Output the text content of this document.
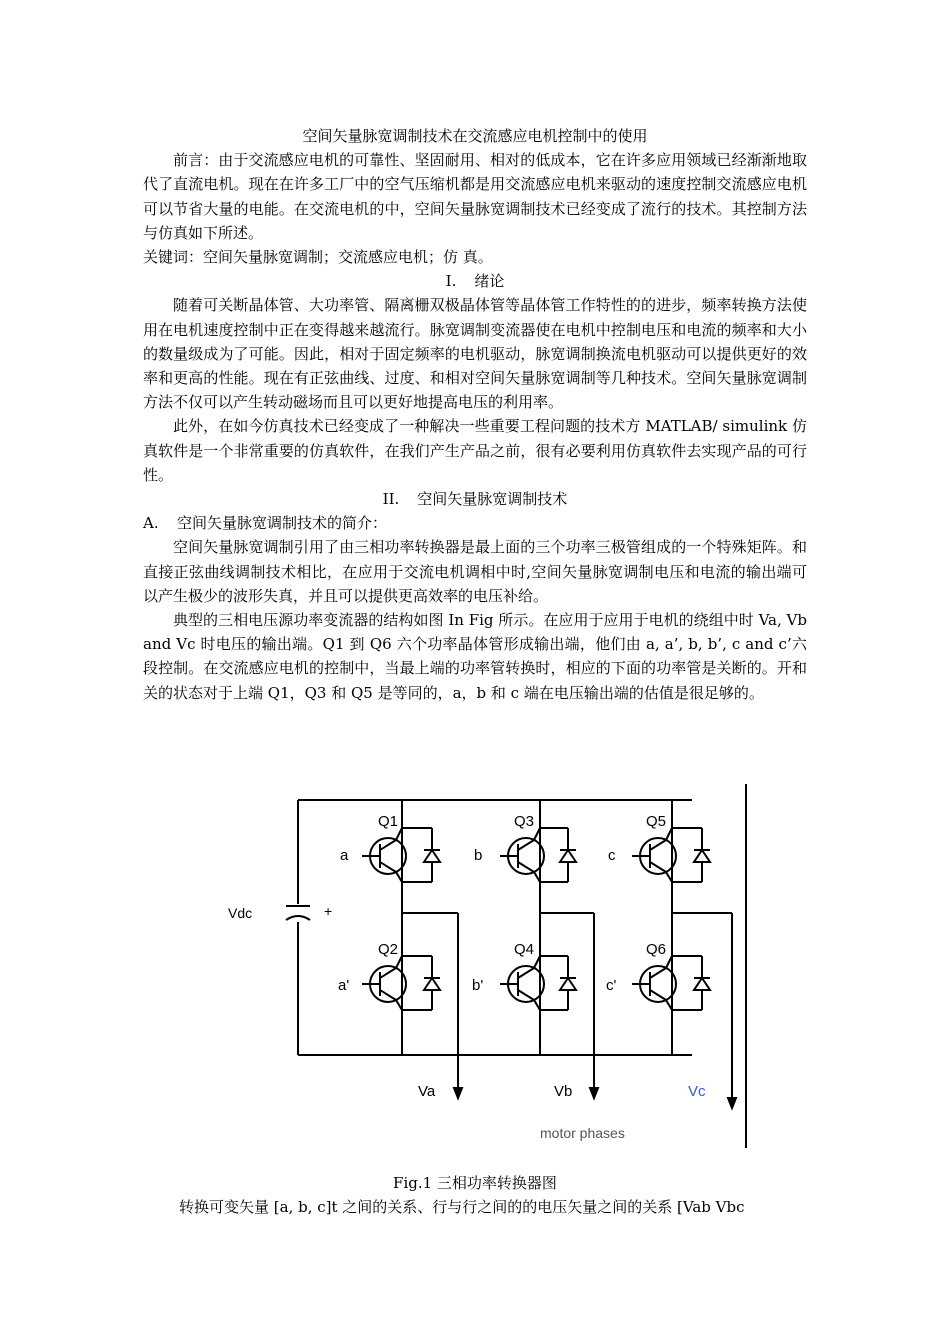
空间矢量脉宽调制技术在交流感应电机控制中的使用

前言：由于交流感应电机的可靠性、坚固耐用、相对的低成本，它在许多应用领域已经渐渐地取代了直流电机。现在在许多工厂中的空气压缩机都是用交流感应电机来驱动的速度控制交流感应电机可以节省大量的电能。在交流电机的中，空间矢量脉宽调制技术已经变成了流行的技术。其控制方法与仿真如下所述。

关键词：空间矢量脉宽调制；交流感应电机；仿 真。

I. 绪论

随着可关断晶体管、大功率管、隔离栅双极晶体管等晶体管工作特性的的进步，频率转换方法使用在电机速度控制中正在变得越来越流行。脉宽调制变流器使在电机中控制电压和电流的频率和大小的数量级成为了可能。因此，相对于固定频率的电机驱动，脉宽调制换流电机驱动可以提供更好的效率和更高的性能。现在有正弦曲线、过度、和相对空间矢量脉宽调制等几种技术。空间矢量脉宽调制方法不仅可以产生转动磁场而且可以更好地提高电压的利用率。

此外，在如今仿真技术已经变成了一种解决一些重要工程问题的技术方 MATLAB/ simulink 仿真软件是一个非常重要的仿真软件，在我们产生产品之前，很有必要利用仿真软件去实现产品的可行性。

II. 空间矢量脉宽调制技术

A. 空间矢量脉宽调制技术的简介：

空间矢量脉宽调制引用了由三相功率转换器是最上面的三个功率三极管组成的一个特殊矩阵。和直接正弦曲线调制技术相比，在应用于交流电机调相中时,空间矢量脉宽调制电压和电流的输出端可以产生极少的波形失真，并且可以提供更高效率的电压补给。

典型的三相电压源功率变流器的结构如图 In Fig 所示。在应用于应用于电机的绕组中时 Va, Vb and Vc 时电压的输出端。Q1 到 Q6 六个功率晶体管形成输出端，他们由 a, a’, b, b’, c and c’六段控制。在交流感应电机的控制中，当最上端的功率管转换时，相应的下面的功率管是关断的。开和关的状态对于上端 Q1，Q3 和 Q5 是等同的，a，b 和 c 端在电压输出端的估值是很足够的。

Vdc	+
Q1
Q2
Q3
Q4
Q5
Q6
a
a'
b
b'
c
c'
Va	Vb	Vc
motor phases
Fig.1 三相功率转换器图
转换可变矢量 [a, b, c]t 之间的关系、行与行之间的的电压矢量之间的关系 [Vab Vbc
